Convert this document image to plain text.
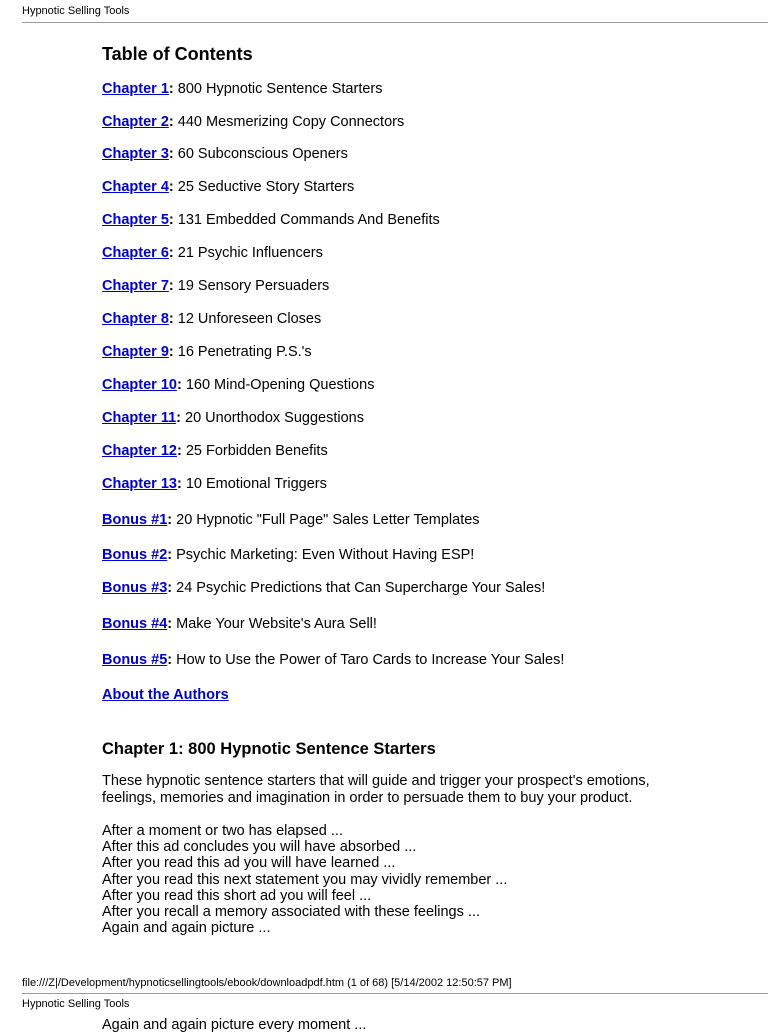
Hypnotic Selling Tools
Table of Contents
Chapter 1: 800 Hypnotic Sentence Starters
Chapter 2: 440 Mesmerizing Copy Connectors
Chapter 3: 60 Subconscious Openers
Chapter 4: 25 Seductive Story Starters
Chapter 5: 131 Embedded Commands And Benefits
Chapter 6: 21 Psychic Influencers
Chapter 7: 19 Sensory Persuaders
Chapter 8: 12 Unforeseen Closes
Chapter 9: 16 Penetrating P.S.'s
Chapter 10: 160 Mind-Opening Questions
Chapter 11: 20 Unorthodox Suggestions
Chapter 12: 25 Forbidden Benefits
Chapter 13: 10 Emotional Triggers
Bonus #1: 20 Hypnotic "Full Page" Sales Letter Templates
Bonus #2: Psychic Marketing: Even Without Having ESP!
Bonus #3: 24 Psychic Predictions that Can Supercharge Your Sales!
Bonus #4: Make Your Website's Aura Sell!
Bonus #5: How to Use the Power of Taro Cards to Increase Your Sales!
About the Authors
Chapter 1: 800 Hypnotic Sentence Starters
These hypnotic sentence starters that will guide and trigger your prospect's emotions, feelings, memories and imagination in order to persuade them to buy your product.
After a moment or two has elapsed ...
After this ad concludes you will have absorbed ...
After you read this ad you will have learned ...
After you read this next statement you may vividly remember ...
After you read this short ad you will feel ...
After you recall a memory associated with these feelings ...
Again and again picture ...
file:///Z|/Development/hypnoticsellingtools/ebook/downloadpdf.htm (1 of 68) [5/14/2002 12:50:57 PM]
Hypnotic Selling Tools
Again and again picture every moment ...
